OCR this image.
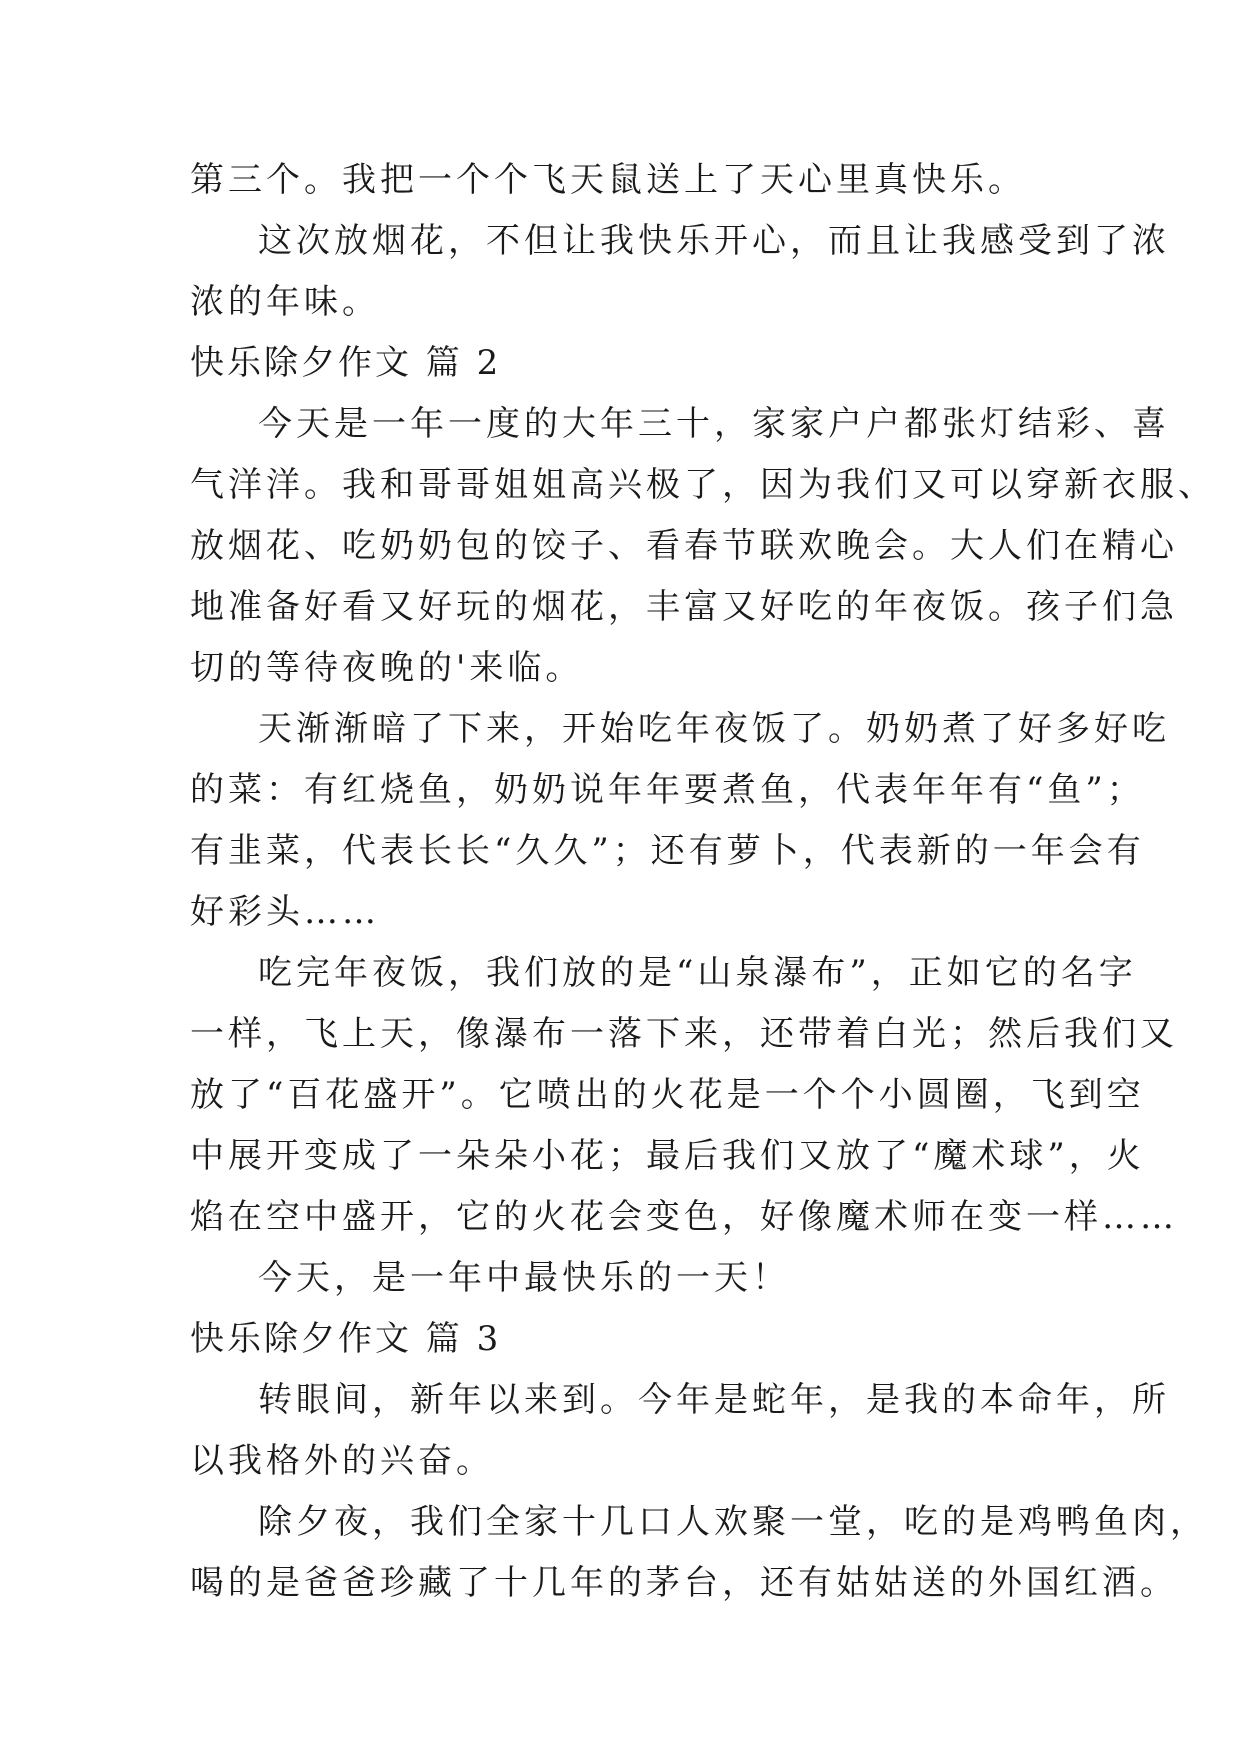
第三个。我把一个个飞天鼠送上了天心里真快乐。
这次放烟花，不但让我快乐开心，而且让我感受到了浓
浓的年味。
快乐除夕作文 篇 2
今天是一年一度的大年三十，家家户户都张灯结彩、喜
气洋洋。我和哥哥姐姐高兴极了，因为我们又可以穿新衣服、
放烟花、吃奶奶包的饺子、看春节联欢晚会。大人们在精心
地准备好看又好玩的烟花，丰富又好吃的年夜饭。孩子们急
切的等待夜晚的'来临。
天渐渐暗了下来，开始吃年夜饭了。奶奶煮了好多好吃
的菜：有红烧鱼，奶奶说年年要煮鱼，代表年年有“鱼”；
有韭菜，代表长长“久久”；还有萝卜，代表新的一年会有
好彩头……
吃完年夜饭，我们放的是“山泉瀑布”，正如它的名字
一样，飞上天，像瀑布一落下来，还带着白光；然后我们又
放了“百花盛开”。它喷出的火花是一个个小圆圈，飞到空
中展开变成了一朵朵小花；最后我们又放了“魔术球”，火
焰在空中盛开，它的火花会变色，好像魔术师在变一样……
今天，是一年中最快乐的一天！
快乐除夕作文 篇 3
转眼间，新年以来到。今年是蛇年，是我的本命年，所
以我格外的兴奋。
除夕夜，我们全家十几口人欢聚一堂，吃的是鸡鸭鱼肉，
喝的是爸爸珍藏了十几年的茅台，还有姑姑送的外国红酒。
